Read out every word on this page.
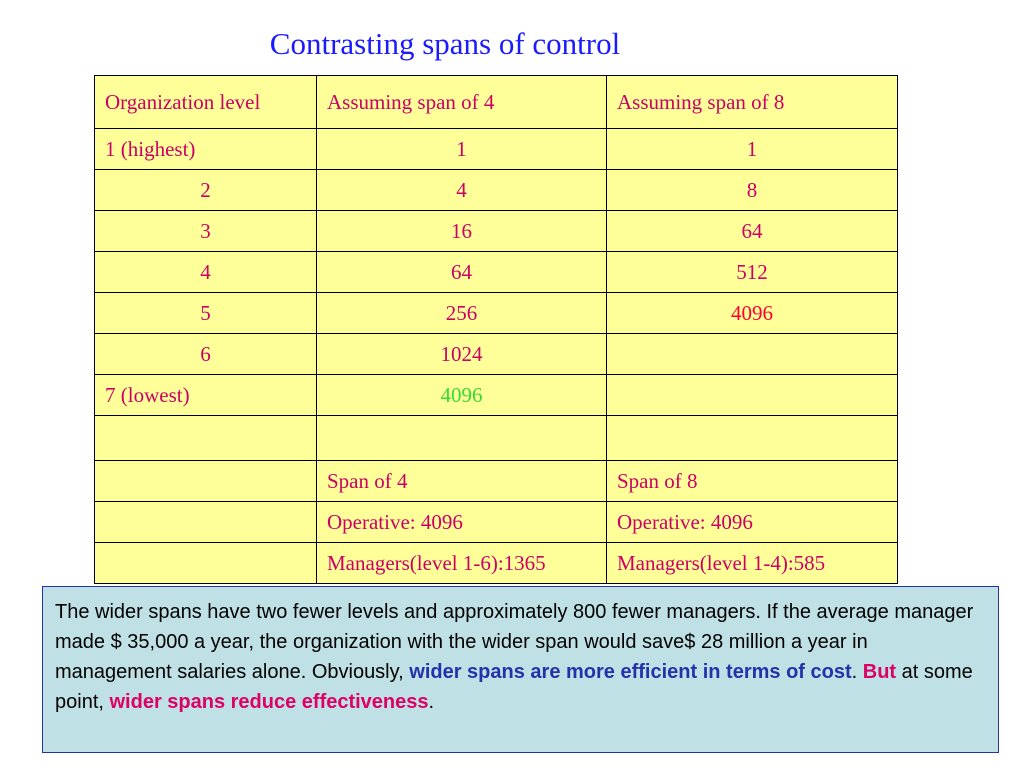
Contrasting spans of control
Organization level	Assuming span of 4	Assuming span of 8
1 (highest)	1	1
2	4	8
3	16	64
4	64	512
5	256	4096
6	1024	
7 (lowest)	4096	

	Span of 4	Span of 8
	Operative: 4096	Operative: 4096
	Managers(level 1-6):1365	Managers(level 1-4):585
The wider spans have two fewer levels and approximately 800 fewer managers. If the average manager made $ 35,000 a year, the organization with the wider span would save$ 28 million a year in management salaries alone. Obviously, wider spans are more efficient in terms of cost. But at some point, wider spans reduce effectiveness.
